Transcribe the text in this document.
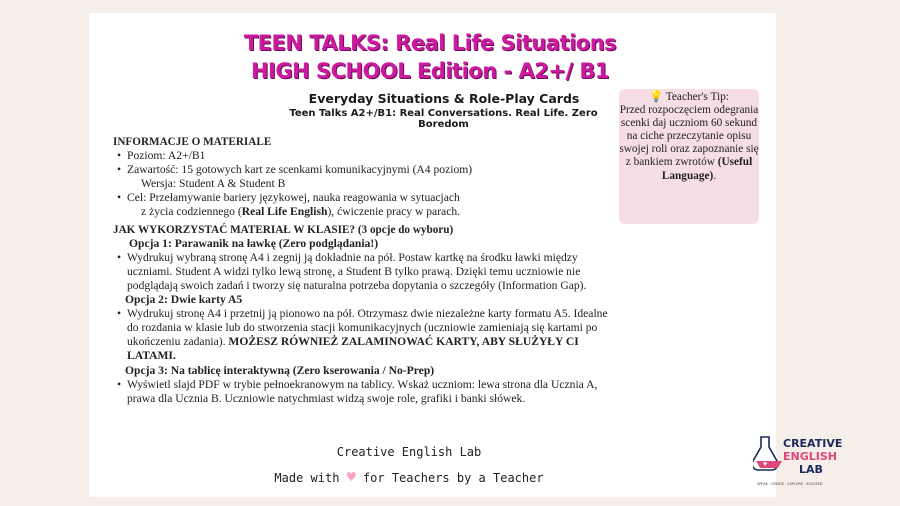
TEEN TALKS: Real Life Situations
HIGH SCHOOL Edition - A2+/ B1
Everyday Situations & Role-Play Cards
Teen Talks A2+/B1: Real Conversations. Real Life. Zero Boredom
INFORMACJE O MATERIALE
• Poziom: A2+/B1
• Zawartość: 15 gotowych kart ze scenkami komunikacyjnymi (A4 poziom)
Wersja: Student A & Student B
• Cel: Przełamywanie bariery językowej, nauka reagowania w sytuacjach
z życia codziennego (Real Life English), ćwiczenie pracy w parach.
JAK WYKORZYSTAĆ MATERIAŁ W KLASIE? (3 opcje do wyboru)
Opcja 1: Parawanik na ławkę (Zero podglądania!)
• Wydrukuj wybraną stronę A4 i zegnij ją dokładnie na pół. Postaw kartkę na środku ławki między uczniami. Student A widzi tylko lewą stronę, a Student B tylko prawą. Dzięki temu uczniowie nie podglądają swoich zadań i tworzy się naturalna potrzeba dopytania o szczegóły (Information Gap).
Opcja 2: Dwie karty A5
• Wydrukuj stronę A4 i przetnij ją pionowo na pół. Otrzymasz dwie niezależne karty formatu A5. Idealne do rozdania w klasie lub do stworzenia stacji komunikacyjnych (uczniowie zamieniają się kartami po ukończeniu zadania). MOŻESZ RÓWNIEŻ ZALAMINOWAĆ KARTY, ABY SŁUŻYŁY CI LATAMI.
Opcja 3: Na tablicę interaktywną (Zero kserowania / No-Prep)
• Wyświetl slajd PDF w trybie pełnoekranowym na tablicy. Wskaż uczniom: lewa strona dla Ucznia A, prawa dla Ucznia B. Uczniowie natychmiast widzą swoje role, grafiki i banki słówek.
Creative English Lab
Made with ♥ for Teachers by a Teacher
♥
CREATIVE
ENGLISH
LAB
SPEAK . CREATE . EXPLORE . SUCCEED
💡 Teacher's Tip:
Przed rozpoczęciem odegrania scenki daj uczniom 60 sekund na ciche przeczytanie opisu swojej roli oraz zapoznanie się z bankiem zwrotów (Useful Language).
